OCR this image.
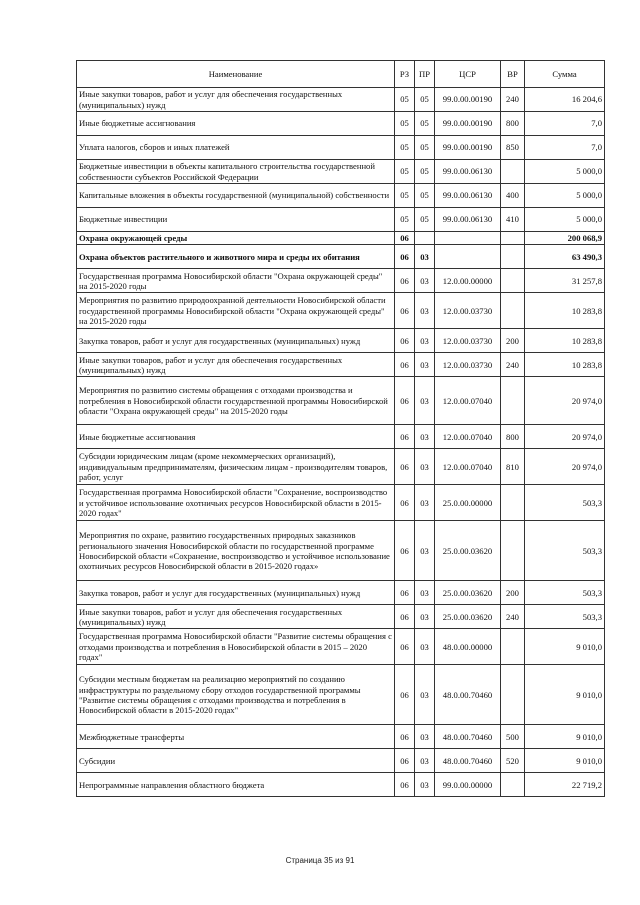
Наименование	РЗ	ПР	ЦСР	ВР	Сумма
Иные закупки товаров, работ и услуг для обеспечения государственных (муниципальных) нужд	05	05	99.0.00.00190	240	16 204,6
Иные бюджетные ассигнования	05	05	99.0.00.00190	800	7,0
Уплата налогов, сборов и иных платежей	05	05	99.0.00.00190	850	7,0
Бюджетные инвестиции в объекты капитального строительства государственной собственности субъектов Российской Федерации	05	05	99.0.00.06130		5 000,0
Капитальные вложения в объекты государственной (муниципальной) собственности	05	05	99.0.00.06130	400	5 000,0
Бюджетные инвестиции	05	05	99.0.00.06130	410	5 000,0
Охрана окружающей среды	06				200 068,9
Охрана объектов растительного и животного мира и среды их обитания	06	03			63 490,3
Государственная программа Новосибирской области "Охрана окружающей среды" на 2015-2020 годы	06	03	12.0.00.00000		31 257,8
Мероприятия по развитию природоохранной деятельности Новосибирской области государственной программы Новосибирской области "Охрана окружающей среды" на 2015-2020 годы	06	03	12.0.00.03730		10 283,8
Закупка товаров, работ и услуг для государственных (муниципальных) нужд	06	03	12.0.00.03730	200	10 283,8
Иные закупки товаров, работ и услуг для обеспечения государственных (муниципальных) нужд	06	03	12.0.00.03730	240	10 283,8
Мероприятия по развитию системы обращения с отходами производства и потребления в Новосибирской области государственной программы Новосибирской области "Охрана окружающей среды" на 2015-2020 годы	06	03	12.0.00.07040		20 974,0
Иные бюджетные ассигнования	06	03	12.0.00.07040	800	20 974,0
Субсидии юридическим лицам (кроме некоммерческих организаций), индивидуальным предпринимателям, физическим лицам - производителям товаров, работ, услуг	06	03	12.0.00.07040	810	20 974,0
Государственная программа Новосибирской области "Сохранение, воспроизводство и устойчивое использование охотничьих ресурсов Новосибирской области в 2015-2020 годах"	06	03	25.0.00.00000		503,3
Мероприятия по охране, развитию государственных природных заказников регионального значения Новосибирской области по государственной программе Новосибирской области «Сохранение, воспроизводство и устойчивое использование охотничьих ресурсов Новосибирской области в 2015-2020 годах»	06	03	25.0.00.03620		503,3
Закупка товаров, работ и услуг для государственных (муниципальных) нужд	06	03	25.0.00.03620	200	503,3
Иные закупки товаров, работ и услуг для обеспечения государственных (муниципальных) нужд	06	03	25.0.00.03620	240	503,3
Государственная программа Новосибирской области "Развитие системы обращения с отходами производства и потребления в Новосибирской области в 2015 – 2020 годах"	06	03	48.0.00.00000		9 010,0
Субсидии местным бюджетам на реализацию мероприятий по созданию инфраструктуры по раздельному сбору отходов государственной программы "Развитие системы обращения с отходами производства и потребления в Новосибирской области в 2015-2020 годах"	06	03	48.0.00.70460		9 010,0
Межбюджетные трансферты	06	03	48.0.00.70460	500	9 010,0
Субсидии	06	03	48.0.00.70460	520	9 010,0
Непрограммные направления областного бюджета	06	03	99.0.00.00000		22 719,2
Страница 35 из 91
